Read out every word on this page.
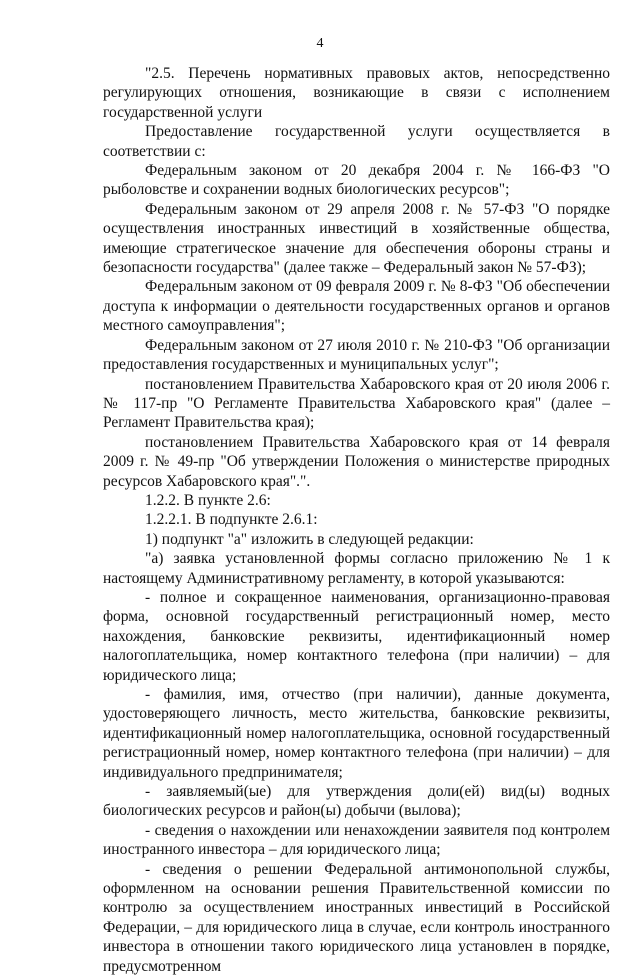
4

"2.5. Перечень нормативных правовых актов, непосредственно регулирующих отношения, возникающие в связи с исполнением государственной услуги

Предоставление государственной услуги осуществляется в соответствии с:

Федеральным законом от 20 декабря 2004 г. № 166-ФЗ "О рыболовстве и сохранении водных биологических ресурсов";

Федеральным законом от 29 апреля 2008 г. № 57-ФЗ "О порядке осуществления иностранных инвестиций в хозяйственные общества, имеющие стратегическое значение для обеспечения обороны страны и безопасности государства" (далее также – Федеральный закон № 57-ФЗ);

Федеральным законом от 09 февраля 2009 г. № 8-ФЗ "Об обеспечении доступа к информации о деятельности государственных органов и органов местного самоуправления";

Федеральным законом от 27 июля 2010 г. № 210-ФЗ "Об организации предоставления государственных и муниципальных услуг";

постановлением Правительства Хабаровского края от 20 июля 2006 г. № 117-пр "О Регламенте Правительства Хабаровского края" (далее – Регламент Правительства края);

постановлением Правительства Хабаровского края от 14 февраля 2009 г. № 49-пр "Об утверждении Положения о министерстве природных ресурсов Хабаровского края".".

1.2.2. В пункте 2.6:

1.2.2.1. В подпункте 2.6.1:

1) подпункт "а" изложить в следующей редакции:

"а) заявка установленной формы согласно приложению № 1 к настоящему Административному регламенту, в которой указываются:

- полное и сокращенное наименования, организационно-правовая форма, основной государственный регистрационный номер, место нахождения, банковские реквизиты, идентификационный номер налогоплательщика, номер контактного телефона (при наличии) – для юридического лица;

- фамилия, имя, отчество (при наличии), данные документа, удостоверяющего личность, место жительства, банковские реквизиты, идентификационный номер налогоплательщика, основной государственный регистрационный номер, номер контактного телефона (при наличии) – для индивидуального предпринимателя;

- заявляемый(ые) для утверждения доли(ей) вид(ы) водных биологических ресурсов и район(ы) добычи (вылова);

- сведения о нахождении или ненахождении заявителя под контролем иностранного инвестора – для юридического лица;

- сведения о решении Федеральной антимонопольной службы, оформленном на основании решения Правительственной комиссии по контролю за осуществлением иностранных инвестиций в Российской Федерации, – для юридического лица в случае, если контроль иностранного инвестора в отношении такого юридического лица установлен в порядке, предусмотренном
